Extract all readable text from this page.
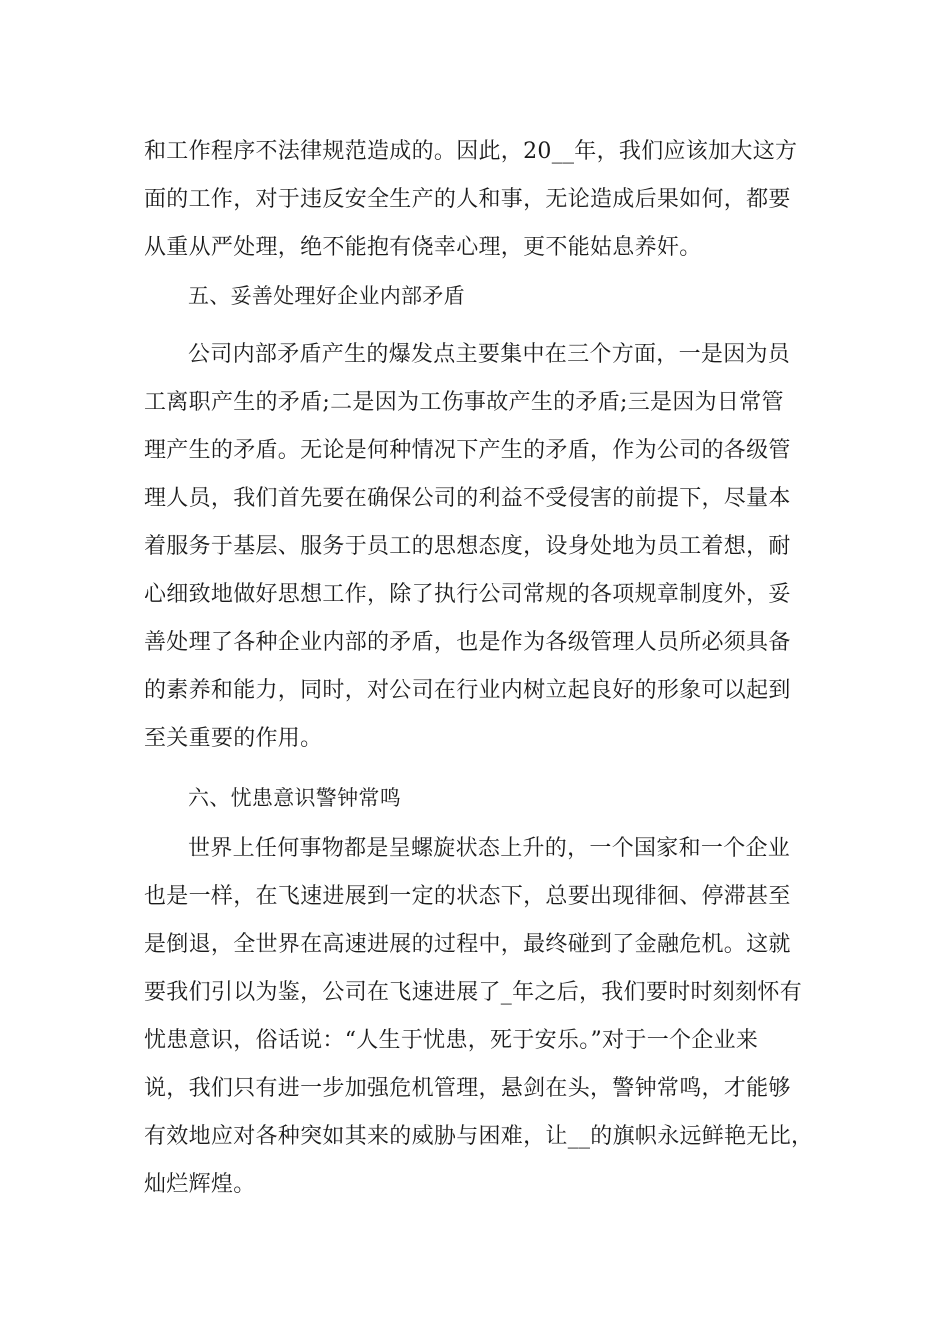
和工作程序不法律规范造成的。因此，20__年，我们应该加大这方
面的工作，对于违反安全生产的人和事，无论造成后果如何，都要
从重从严处理，绝不能抱有侥幸心理，更不能姑息养奸。
五、妥善处理好企业内部矛盾
公司内部矛盾产生的爆发点主要集中在三个方面，一是因为员
工离职产生的矛盾;二是因为工伤事故产生的矛盾;三是因为日常管
理产生的矛盾。无论是何种情况下产生的矛盾，作为公司的各级管
理人员，我们首先要在确保公司的利益不受侵害的前提下，尽量本
着服务于基层、服务于员工的思想态度，设身处地为员工着想，耐
心细致地做好思想工作，除了执行公司常规的各项规章制度外，妥
善处理了各种企业内部的矛盾，也是作为各级管理人员所必须具备
的素养和能力，同时，对公司在行业内树立起良好的形象可以起到
至关重要的作用。
六、忧患意识警钟常鸣
世界上任何事物都是呈螺旋状态上升的，一个国家和一个企业
也是一样，在飞速进展到一定的状态下，总要出现徘徊、停滞甚至
是倒退，全世界在高速进展的过程中，最终碰到了金融危机。这就
要我们引以为鉴，公司在飞速进展了_年之后，我们要时时刻刻怀有
忧患意识，俗话说：“人生于忧患，死于安乐。”对于一个企业来
说，我们只有进一步加强危机管理，悬剑在头，警钟常鸣，才能够
有效地应对各种突如其来的威胁与困难，让__的旗帜永远鲜艳无比，
灿烂辉煌。
